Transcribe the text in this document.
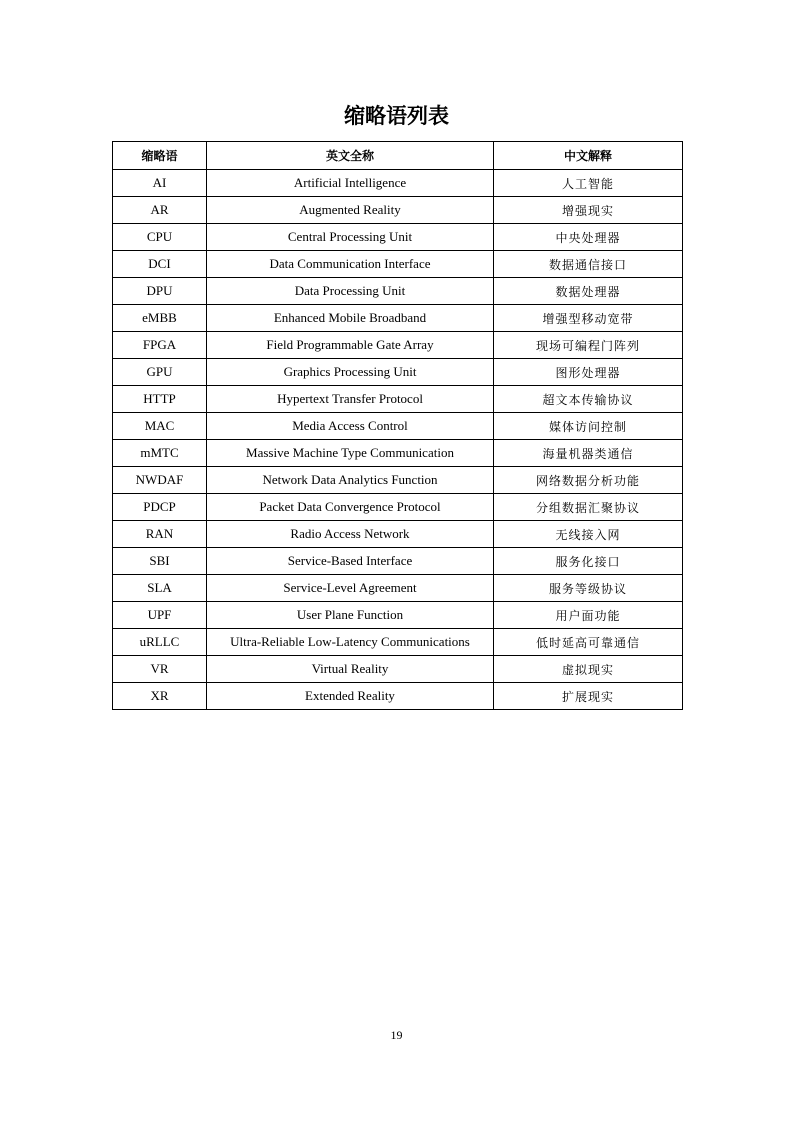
缩略语列表
缩略语	英文全称	中文解释
AI	Artificial Intelligence	人工智能
AR	Augmented Reality	增强现实
CPU	Central Processing Unit	中央处理器
DCI	Data Communication Interface	数据通信接口
DPU	Data Processing Unit	数据处理器
eMBB	Enhanced Mobile Broadband	增强型移动宽带
FPGA	Field Programmable Gate Array	现场可编程门阵列
GPU	Graphics Processing Unit	图形处理器
HTTP	Hypertext Transfer Protocol	超文本传输协议
MAC	Media Access Control	媒体访问控制
mMTC	Massive Machine Type Communication	海量机器类通信
NWDAF	Network Data Analytics Function	网络数据分析功能
PDCP	Packet Data Convergence Protocol	分组数据汇聚协议
RAN	Radio Access Network	无线接入网
SBI	Service-Based Interface	服务化接口
SLA	Service-Level Agreement	服务等级协议
UPF	User Plane Function	用户面功能
uRLLC	Ultra-Reliable Low-Latency Communications	低时延高可靠通信
VR	Virtual Reality	虚拟现实
XR	Extended Reality	扩展现实
19
